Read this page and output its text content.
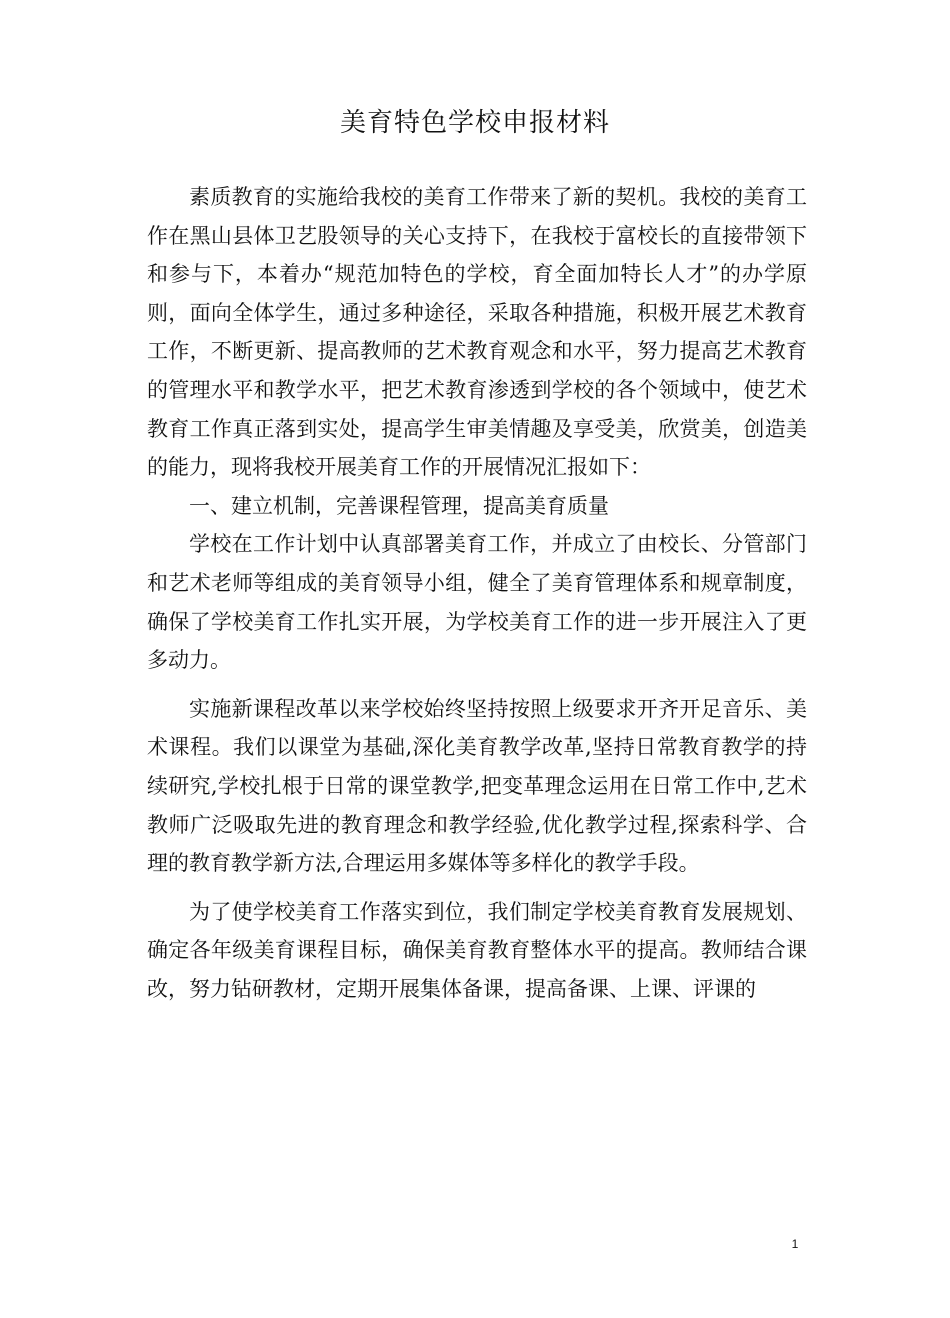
美育特色学校申报材料

素质教育的实施给我校的美育工作带来了新的契机。我校的美育工作在黑山县体卫艺股领导的关心支持下，在我校于富校长的直接带领下和参与下，本着办“规范加特色的学校，育全面加特长人才”的办学原则，面向全体学生，通过多种途径，采取各种措施，积极开展艺术教育工作，不断更新、提高教师的艺术教育观念和水平，努力提高艺术教育的管理水平和教学水平，把艺术教育渗透到学校的各个领域中，使艺术教育工作真正落到实处，提高学生审美情趣及享受美，欣赏美，创造美的能力，现将我校开展美育工作的开展情况汇报如下：

一、建立机制，完善课程管理，提高美育质量

学校在工作计划中认真部署美育工作，并成立了由校长、分管部门和艺术老师等组成的美育领导小组，健全了美育管理体系和规章制度，确保了学校美育工作扎实开展，为学校美育工作的进一步开展注入了更多动力。

实施新课程改革以来学校始终坚持按照上级要求开齐开足音乐、美术课程。我们以课堂为基础,深化美育教学改革,坚持日常教育教学的持续研究,学校扎根于日常的课堂教学,把变革理念运用在日常工作中,艺术教师广泛吸取先进的教育理念和教学经验,优化教学过程,探索科学、合理的教育教学新方法,合理运用多媒体等多样化的教学手段。

为了使学校美育工作落实到位，我们制定学校美育教育发展规划、确定各年级美育课程目标，确保美育教育整体水平的提高。教师结合课改，努力钻研教材，定期开展集体备课，提高备课、上课、评课的

1
